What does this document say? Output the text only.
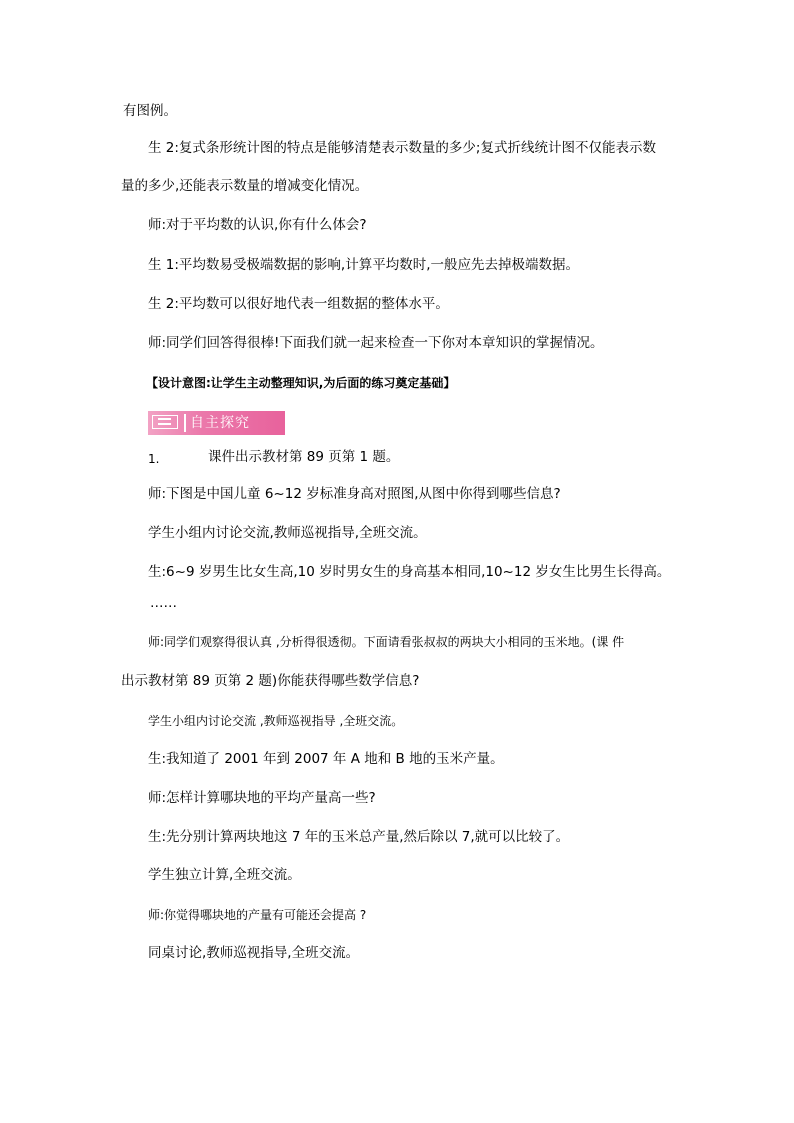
有图例。
生 2:复式条形统计图的特点是能够清楚表示数量的多少;复式折线统计图不仅能表示数
量的多少,还能表示数量的增减变化情况。
师:对于平均数的认识,你有什么体会?
生 1:平均数易受极端数据的影响,计算平均数时,一般应先去掉极端数据。
生 2:平均数可以很好地代表一组数据的整体水平。
师:同学们回答得很棒!下面我们就一起来检查一下你对本章知识的掌握情况。
【设计意图:让学生主动整理知识,为后面的练习奠定基础】
自主探究
1.	课件出示教材第 89 页第 1 题。
师:下图是中国儿童 6~12 岁标准身高对照图,从图中你得到哪些信息?
学生小组内讨论交流,教师巡视指导,全班交流。
生:6~9 岁男生比女生高,10 岁时男女生的身高基本相同,10~12 岁女生比男生长得高。
……
师:同学们观察得很认真 ,分析得很透彻。下面请看张叔叔的两块大小相同的玉米地。(课 件
出示教材第 89 页第 2 题)你能获得哪些数学信息?
学生小组内讨论交流 ,教师巡视指导 ,全班交流。
生:我知道了 2001 年到 2007 年 A 地和 B 地的玉米产量。
师:怎样计算哪块地的平均产量高一些?
生:先分别计算两块地这 7 年的玉米总产量,然后除以 7,就可以比较了。
学生独立计算,全班交流。
师:你觉得哪块地的产量有可能还会提高 ?
同桌讨论,教师巡视指导,全班交流。
